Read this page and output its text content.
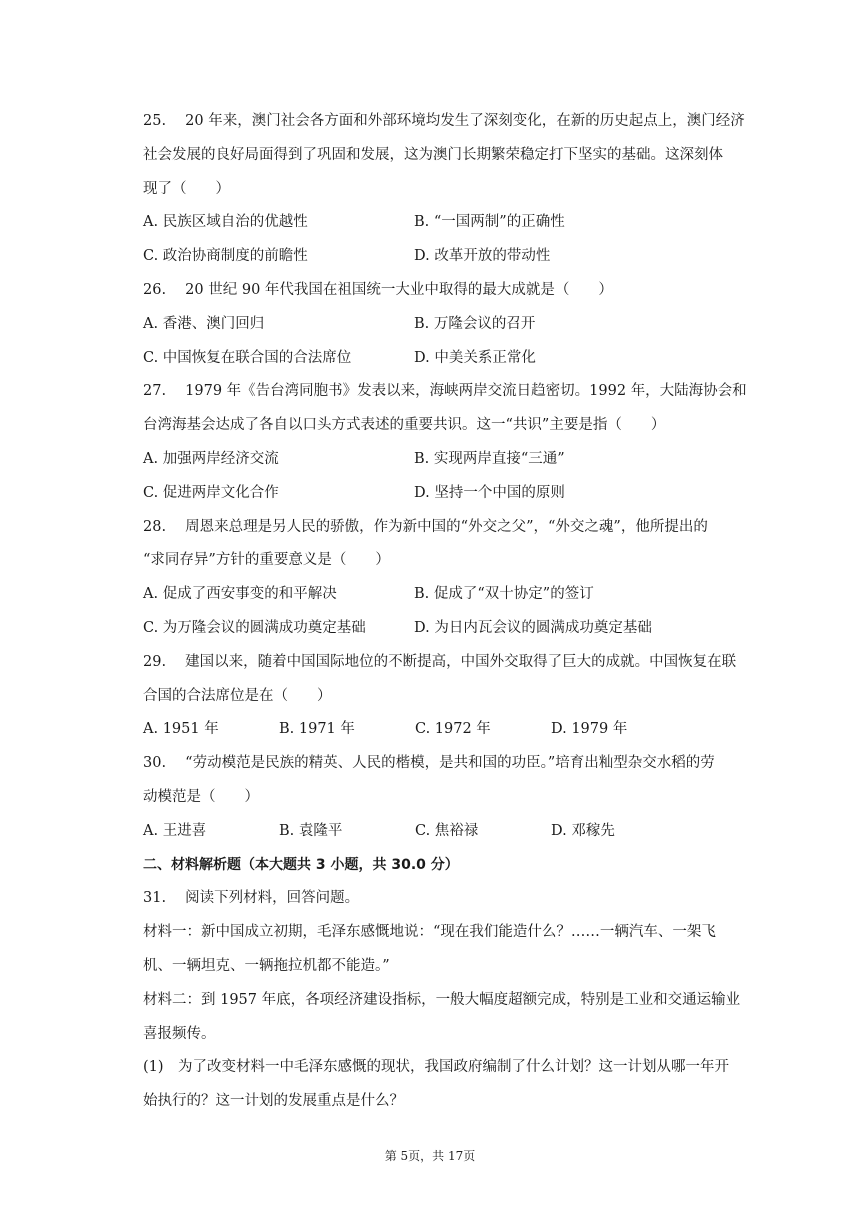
25.　 20 年来，澳门社会各方面和外部环境均发生了深刻变化，在新的历史起点上，澳门经济
社会发展的良好局面得到了巩固和发展，这为澳门长期繁荣稳定打下坚实的基础。这深刻体
现了（　　）
A. 民族区域自治的优越性	B. “一国两制”的正确性
C. 政治协商制度的前瞻性	D. 改革开放的带动性
26.　 20 世纪 90 年代我国在祖国统一大业中取得的最大成就是（　　）
A. 香港、澳门回归	B. 万隆会议的召开
C. 中国恢复在联合国的合法席位	D. 中美关系正常化
27.　 1979 年《告台湾同胞书》发表以来，海峡两岸交流日趋密切。1992 年，大陆海协会和
台湾海基会达成了各自以口头方式表述的重要共识。这一“共识”主要是指（　　）
A. 加强两岸经济交流	B. 实现两岸直接“三通”
C. 促进两岸文化合作	D. 坚持一个中国的原则
28.　 周恩来总理是另人民的骄傲，作为新中国的“外交之父”，“外交之魂”，他所提出的
“求同存异”方针的重要意义是（　　）
A. 促成了西安事变的和平解决	B. 促成了“双十协定”的签订
C. 为万隆会议的圆满成功奠定基础	D. 为日内瓦会议的圆满成功奠定基础
29.　 建国以来，随着中国国际地位的不断提高，中国外交取得了巨大的成就。中国恢复在联
合国的合法席位是在（　　）
A. 1951 年	B. 1971 年	C. 1972 年	D. 1979 年
30.　 “劳动模范是民族的精英、人民的楷模，是共和国的功臣。”培育出籼型杂交水稻的劳
动模范是（　　）
A. 王进喜	B. 袁隆平	C. 焦裕禄	D. 邓稼先
二、材料解析题（本大题共 3 小题，共 30.0 分）
31.　 阅读下列材料，回答问题。
材料一：新中国成立初期，毛泽东感慨地说：“现在我们能造什么？……一辆汽车、一架飞
机、一辆坦克、一辆拖拉机都不能造。”
材料二：到 1957 年底，各项经济建设指标，一般大幅度超额完成，特别是工业和交通运输业
喜报频传。
(1)　为了改变材料一中毛泽东感慨的现状，我国政府编制了什么计划？这一计划从哪一年开
始执行的？这一计划的发展重点是什么？
第 5页，共 17页
